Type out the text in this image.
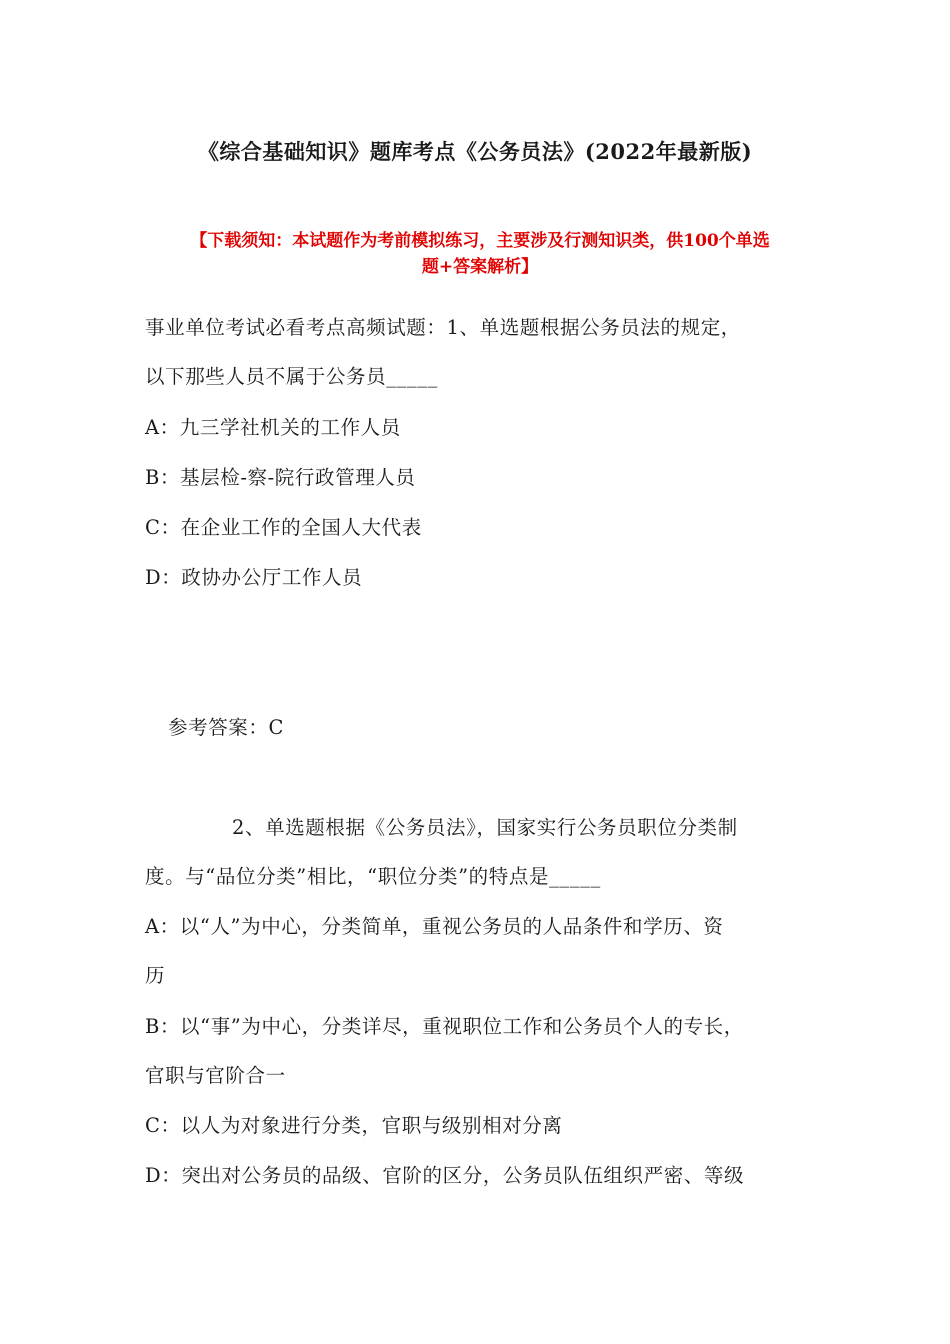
《综合基础知识》题库考点《公务员法》(2022年最新版)
【下载须知：本试题作为考前模拟练习，主要涉及行测知识类，供100个单选
题+答案解析】
事业单位考试必看考点高频试题：1、单选题根据公务员法的规定，
以下那些人员不属于公务员_____
A：九三学社机关的工作人员
B：基层检-察-院行政管理人员
C：在企业工作的全国人大代表
D：政协办公厅工作人员
参考答案：C
2、单选题根据《公务员法》，国家实行公务员职位分类制
度。与“品位分类”相比，“职位分类”的特点是_____
A：以“人”为中心，分类简单，重视公务员的人品条件和学历、资
历
B：以“事”为中心，分类详尽，重视职位工作和公务员个人的专长，
官职与官阶合一
C：以人为对象进行分类，官职与级别相对分离
D：突出对公务员的品级、官阶的区分，公务员队伍组织严密、等级
